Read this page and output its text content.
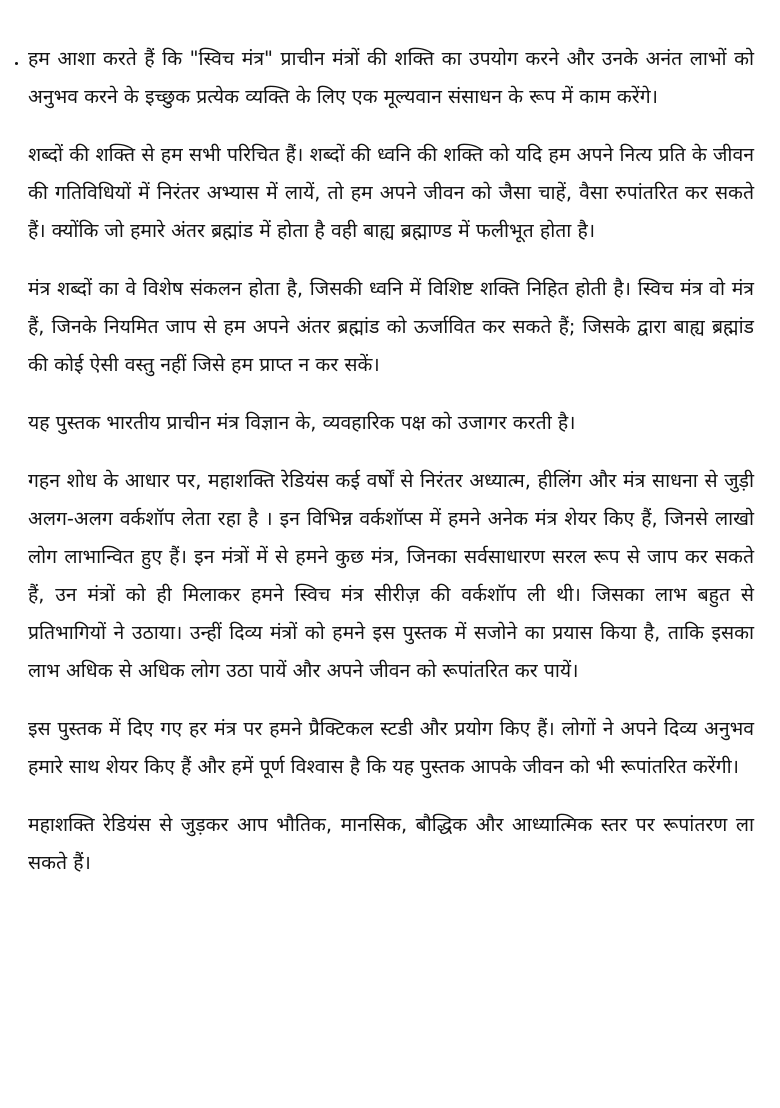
हम आशा करते हैं कि "स्विच मंत्र" प्राचीन मंत्रों की शक्ति का उपयोग करने और उनके अनंत लाभों को अनुभव करने के इच्छुक प्रत्येक व्यक्ति के लिए एक मूल्यवान संसाधन के रूप में काम करेंगे।

शब्दों की शक्ति से हम सभी परिचित हैं। शब्दों की ध्वनि की शक्ति को यदि हम अपने नित्य प्रति के जीवन की गतिविधियों में निरंतर अभ्यास में लायें, तो हम अपने जीवन को जैसा चाहें, वैसा रुपांतरित कर सकते हैं। क्योंकि जो हमारे अंतर ब्रह्मांड में होता है वही बाह्य ब्रह्माण्ड में फलीभूत होता है।

मंत्र शब्दों का वे विशेष संकलन होता है, जिसकी ध्वनि में विशिष्ट शक्ति निहित होती है। स्विच मंत्र वो मंत्र हैं, जिनके नियमित जाप से हम अपने अंतर ब्रह्मांड को ऊर्जावित कर सकते हैं; जिसके द्वारा बाह्य ब्रह्मांड की कोई ऐसी वस्तु नहीं जिसे हम प्राप्त न कर सकें।

यह पुस्तक भारतीय प्राचीन मंत्र विज्ञान के, व्यवहारिक पक्ष को उजागर करती है।

गहन शोध के आधार पर, महाशक्ति रेडियंस कई वर्षों से निरंतर अध्यात्म, हीलिंग और मंत्र साधना से जुड़ी अलग-अलग वर्कशॉप लेता रहा है । इन विभिन्न वर्कशॉप्स में हमने अनेक मंत्र शेयर किए हैं, जिनसे लाखो लोग लाभान्वित हुए हैं। इन मंत्रों में से हमने कुछ मंत्र, जिनका सर्वसाधारण सरल रूप से जाप कर सकते हैं, उन मंत्रों को ही मिलाकर हमने स्विच मंत्र सीरीज़ की वर्कशॉप ली थी। जिसका लाभ बहुत से प्रतिभागियों ने उठाया। उन्हीं दिव्य मंत्रों को हमने इस पुस्तक में सजोने का प्रयास किया है, ताकि इसका लाभ अधिक से अधिक लोग उठा पायें और अपने जीवन को रूपांतरित कर पायें।

इस पुस्तक में दिए गए हर मंत्र पर हमने प्रैक्टिकल स्टडी और प्रयोग किए हैं। लोगों ने अपने दिव्य अनुभव हमारे साथ शेयर किए हैं और हमें पूर्ण विश्वास है कि यह पुस्तक आपके जीवन को भी रूपांतरित करेंगी।

महाशक्ति रेडियंस से जुड़कर आप भौतिक, मानसिक, बौद्धिक और आध्यात्मिक स्तर पर रूपांतरण ला सकते हैं।
